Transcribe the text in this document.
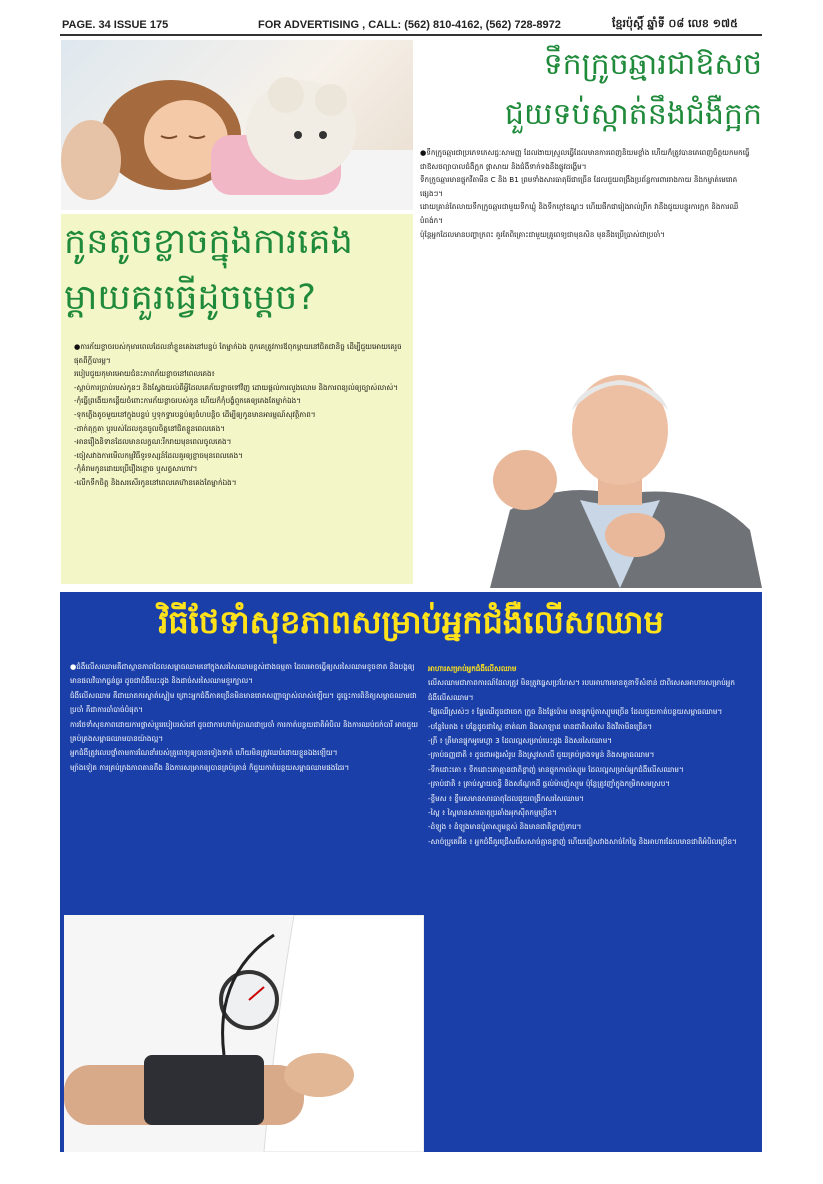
PAGE. 34 ISSUE 175	FOR ADVERTISING , CALL: (562) 810-4162, (562) 728-8972	ខ្មែរប៉ុស្តិ៍ ឆ្នាំទី ០៨ លេខ ១៧៥
កូនតូចខ្លាចក្នុងការគេង
ម្តាយគួរធ្វើដូចម្តេច?
●ការភ័យខ្លាចរបស់កុមារពេលដែលនាំខ្លួនគេងនៅបន្ទប់ តែម្នាក់ឯង ពួកគេត្រូវការឪពុកម្តាយនៅជិតជានិច្ច ដើម្បីជួយអោយគេរួចផុតពីក្តីបារម្ភ។
របៀបជួយកុមារអោយជំនះភាពភ័យខ្លាចនៅពេលគេង៖
-ស្តាប់ការប្រាប់របស់កូនៗ និងស្វែងយល់ពីអ្វីដែលគេភ័យខ្លាចទៅវិញ ដោយផ្តល់ការលួងលោម និងការពន្យល់ឲ្យច្បាស់លាស់។
-កុំធ្វើព្រងើយកន្តើយចំពោះការភ័យខ្លាចរបស់កូន ហើយក៏កុំបង្ខំពួកគេឲ្យគេងតែម្នាក់ឯង។
-ទុកភ្លើងតូចមួយនៅក្នុងបន្ទប់ ឬទុកទ្វារបន្ទប់ឲ្យចំហបន្តិច ដើម្បីឲ្យកូនមានអារម្មណ៍សុវត្ថិភាព។
-ដាក់តុក្កតា ឬរបស់ដែលកូនចូលចិត្តនៅជិតខ្លួនពេលគេង។
-អានរឿងនិទានដែលមានលក្ខណៈរីករាយមុនពេលចូលគេង។
-ចៀសវាងការមើលកម្មវិធីទូរទស្សន៍ដែលគួរឲ្យខ្លាចមុនពេលគេង។
-កុំគំរាមកូនដោយប្រើរឿងខ្មោច ឬសត្វសាហាវ។
-លើកទឹកចិត្ត និងសរសើរកូននៅពេលគេហ៊ានគេងតែម្នាក់ឯង។
ទឹកក្រូចឆ្មារជាឱសថ
ជួយទប់ស្កាត់នឹងជំងឺក្អក
●ទឹកក្រូចឆ្មារជាប្រភេទភេសជ្ជៈសាមញ្ញ ដែលងាយស្រួលធ្វើដែលមានការពេញនិយមខ្លាំង ហើយក៏ត្រូវបានគេពេញចិត្តយកមកធ្វើជាឱសថព្យាបាលជំងឺក្អក ផ្តាសាយ និងជំងឺទាក់ទងនឹងផ្លូវដង្ហើម។
ទឹកក្រូចឆ្មារមានផ្ទុកវីតាមីន C និង B1 ព្រមទាំងសារធាតុរ៉ែជាច្រើន ដែលជួយពង្រឹងប្រព័ន្ធការពាររាងកាយ និងកម្ចាត់មេរោគផ្សេងៗ។
ដោយគ្រាន់តែលាយទឹកក្រូចឆ្មារជាមួយទឹកឃ្មុំ និងទឹកក្តៅឧណ្ហៗ ហើយផឹកជារៀងរាល់ព្រឹក វានឹងជួយបន្ធូរការក្អក និងការឈឺបំពង់ក។
ប៉ុន្តែអ្នកដែលមានបញ្ហាក្រពះ គួរតែពិគ្រោះជាមួយគ្រូពេទ្យជាមុនសិន មុននឹងប្រើប្រាស់ជាប្រចាំ។
វិធីថែទាំសុខភាពសម្រាប់អ្នកជំងឺលើសឈាម
●ជំងឺលើសឈាមគឺជាស្ថានភាពដែលសម្ពាធឈាមនៅក្នុងសរសៃឈាមខ្ពស់ជាងធម្មតា ដែលអាចធ្វើឲ្យសរសៃឈាមខូចខាត និងបង្កឲ្យមានផលវិបាកធ្ងន់ធ្ងរ ដូចជាជំងឺបេះដូង និងដាច់សរសៃឈាមខួរក្បាល។
ជំងឺលើសឈាម គឺជាឃាតករស្ងាត់ស្ងៀម ព្រោះអ្នកជំងឺភាគច្រើនមិនមានរោគសញ្ញាច្បាស់លាស់ឡើយ។ ដូច្នេះការពិនិត្យសម្ពាធឈាមជាប្រចាំ គឺជាការចាំបាច់បំផុត។
ការថែទាំសុខភាពដោយការផ្លាស់ប្តូររបៀបរស់នៅ ដូចជាការហាត់ប្រាណជាប្រចាំ ការកាត់បន្ថយជាតិអំបិល និងការឈប់ជក់បារី អាចជួយគ្រប់គ្រងសម្ពាធឈាមបានយ៉ាងល្អ។
អ្នកជំងឺត្រូវលេបថ្នាំតាមការណែនាំរបស់គ្រូពេទ្យឲ្យបានទៀងទាត់ ហើយមិនត្រូវឈប់ដោយខ្លួនឯងឡើយ។
ម្យ៉ាងទៀត ការគ្រប់គ្រងភាពតានតឹង និងការសម្រាកឲ្យបានគ្រប់គ្រាន់ ក៏ជួយកាត់បន្ថយសម្ពាធឈាមផងដែរ។
អាហារសម្រាប់អ្នកជំងឺលើសឈាម
លើសឈាមជាភាពការណ៍ដែលត្រូវ មិនត្រូវធ្វេសប្រហែស។ របបអាហារមានតួនាទីសំខាន់ ជាពិសេសអាហារសម្រាប់អ្នកជំងឺលើសឈាម។
-ផ្លែឈើស្រស់ៗ ៖ ផ្លែឈើដូចជាចេក ក្រូច និងផ្លែប៉ោម មានផ្ទុកប៉ូតាស្យូមច្រើន ដែលជួយកាត់បន្ថយសម្ពាធឈាម។
-បន្លែបៃតង ៖ បន្លែដូចជាស្ពៃ ខាត់ណា និងសាឡាដ មានជាតិសរសៃ និងវីតាមីនច្រើន។
-ត្រី ៖ ត្រីមានផ្ទុកអូមេហ្គា 3 ដែលល្អសម្រាប់បេះដូង និងសរសៃឈាម។
-គ្រាប់ធញ្ញជាតិ ៖ ដូចជាអង្ករសំរូប និងស្រូវសាលី ជួយគ្រប់គ្រងទម្ងន់ និងសម្ពាធឈាម។
-ទឹកដោះគោ ៖ ទឹកដោះគោគ្មានជាតិខ្លាញ់ មានផ្ទុកកាល់ស្យូម ដែលល្អសម្រាប់អ្នកជំងឺលើសឈាម។
-គ្រាប់ជាតិ ៖ គ្រាប់ស្វាយចន្ទី និងសណ្តែកដី ផ្តល់ម៉ាញ៉េស្យូម ប៉ុន្តែត្រូវញ៉ាំក្នុងកម្រិតសមស្រប។
-ខ្ទឹមស ៖ ខ្ទឹមសមានសារធាតុដែលជួយពង្រីកសរសៃឈាម។
-ស្ពៃ ៖ ស្ពៃមានសារធាតុប្រឆាំងអុកស៊ីតកម្មច្រើន។
-ដំឡូង ៖ ដំឡូងមានប៉ូតាស្យូមខ្ពស់ និងមានជាតិខ្លាញ់ទាប។
-សាច់ប្រូតេអ៊ីន ៖ អ្នកជំងឺគួរជ្រើសរើសសាច់គ្មានខ្លាញ់ ហើយជៀសវាងសាច់កែច្នៃ និងអាហារដែលមានជាតិអំបិលច្រើន។
